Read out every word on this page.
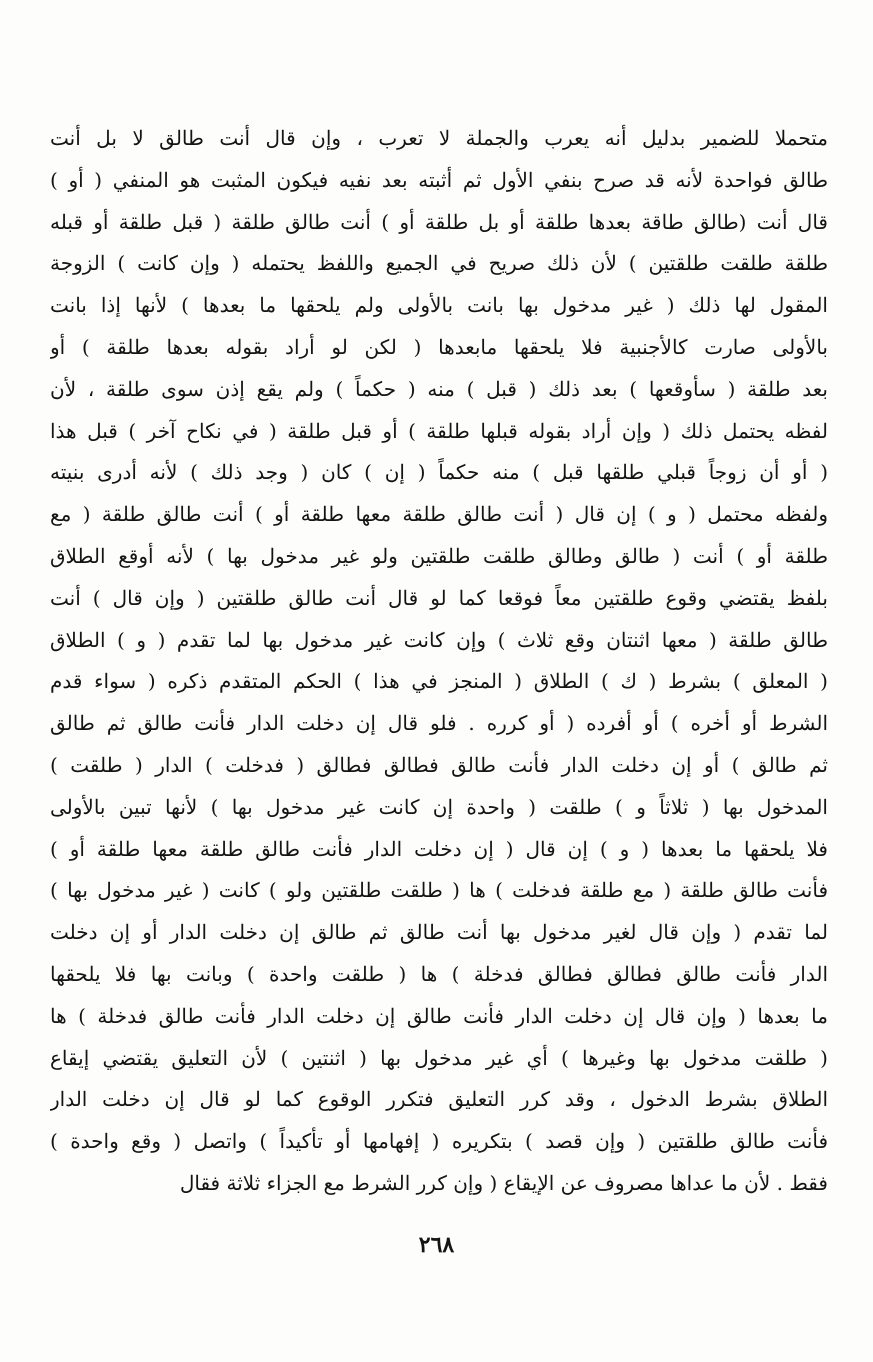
متحملا للضمير بدليل أنه يعرب والجملة لا تعرب ، وإن قال أنت طالق لا بل أنت
طالق فواحدة لأنه قد صرح بنفي الأول ثم أثبته بعد نفيه فيكون المثبت هو المنفي ( أو )
قال أنت (طالق طاقة بعدها طلقة أو بل طلقة أو ) أنت طالق طلقة ( قبل طلقة أو قبله
طلقة طلقت طلقتين ) لأن ذلك صريح في الجميع واللفظ يحتمله ( وإن كانت ) الزوجة
المقول لها ذلك ( غير مدخول بها بانت بالأولى ولم يلحقها ما بعدها ) لأنها إذا بانت
بالأولى صارت كالأجنبية فلا يلحقها مابعدها ( لكن لو أراد بقوله بعدها طلقة ) أو
بعد طلقة ( سأوقعها ) بعد ذلك ( قبل ) منه ( حكماً ) ولم يقع إذن سوى طلقة ، لأن
لفظه يحتمل ذلك ( وإن أراد بقوله قبلها طلقة ) أو قبل طلقة ( في نكاح آخر ) قبل هذا
( أو أن زوجاً قبلي طلقها قبل ) منه حكماً ( إن ) كان ( وجد ذلك ) لأنه أدرى بنيته
ولفظه محتمل ( و ) إن قال ( أنت طالق طلقة معها طلقة أو ) أنت طالق طلقة ( مع
طلقة أو ) أنت ( طالق وطالق طلقت طلقتين ولو غير مدخول بها ) لأنه أوقع الطلاق
بلفظ يقتضي وقوع طلقتين معاً فوقعا كما لو قال أنت طالق طلقتين ( وإن قال ) أنت
طالق طلقة ( معها اثنتان وقع ثلاث ) وإن كانت غير مدخول بها لما تقدم ( و ) الطلاق
( المعلق ) بشرط ( ك ) الطلاق ( المنجز في هذا ) الحكم المتقدم ذكره ( سواء قدم
الشرط أو أخره ) أو أفرده ( أو كرره . فلو قال إن دخلت الدار فأنت طالق ثم طالق
ثم طالق ) أو إن دخلت الدار فأنت طالق فطالق فطالق ( فدخلت ) الدار ( طلقت )
المدخول بها ( ثلاثاً و ) طلقت ( واحدة إن كانت غير مدخول بها ) لأنها تبين بالأولى
فلا يلحقها ما بعدها ( و ) إن قال ( إن دخلت الدار فأنت طالق طلقة معها طلقة أو )
فأنت طالق طلقة ( مع طلقة فدخلت ) ها ( طلقت طلقتين ولو ) كانت ( غير مدخول بها )
لما تقدم ( وإن قال لغير مدخول بها أنت طالق ثم طالق إن دخلت الدار أو إن دخلت
الدار فأنت طالق فطالق فطالق فدخلة ) ها ( طلقت واحدة ) وبانت بها فلا يلحقها
ما بعدها ( وإن قال إن دخلت الدار فأنت طالق إن دخلت الدار فأنت طالق فدخلة ) ها
( طلقت مدخول بها وغيرها ) أي غير مدخول بها ( اثنتين ) لأن التعليق يقتضي إيقاع
الطلاق بشرط الدخول ، وقد كرر التعليق فتكرر الوقوع كما لو قال إن دخلت الدار
فأنت طالق طلقتين ( وإن قصد ) بتكريره ( إفهامها أو تأكيداً ) واتصل ( وقع واحدة )
فقط . لأن ما عداها مصروف عن الإيقاع ( وإن كرر الشرط مع الجزاء ثلاثة فقال
٢٦٨
